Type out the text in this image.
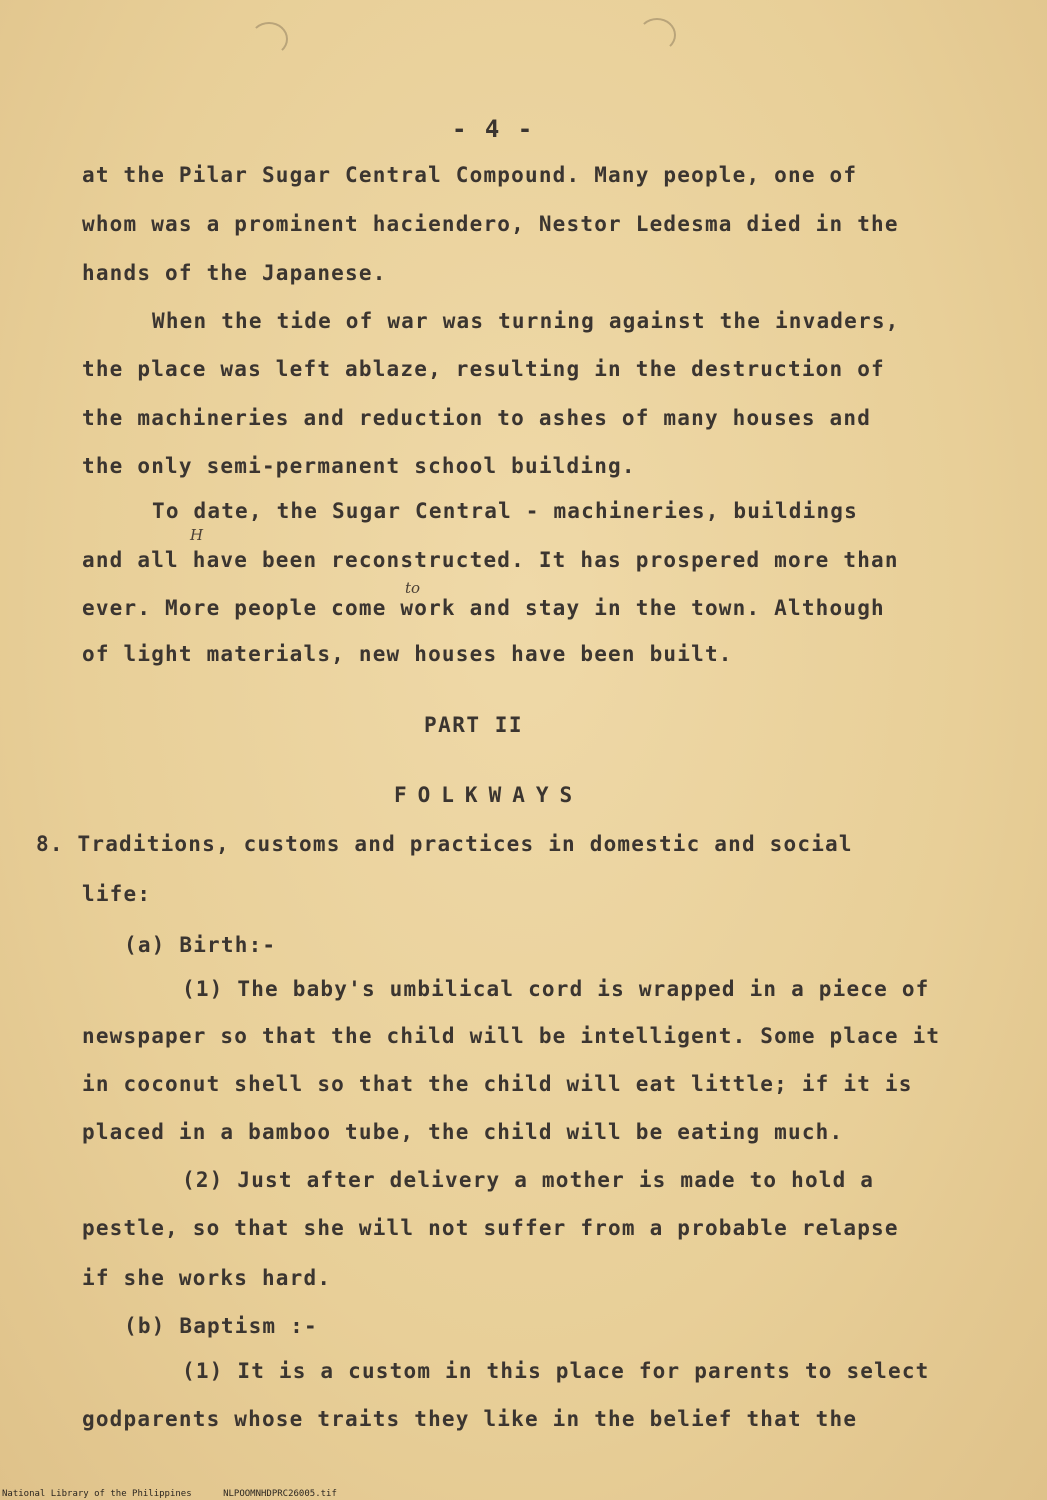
- 4 -
at the Pilar Sugar Central Compound. Many people, one of
whom was a prominent haciendero, Nestor Ledesma died in the
hands of the Japanese.
When the tide of war was turning against the invaders,
the place was left ablaze, resulting in the destruction of
the machineries and reduction to ashes of many houses and
the only semi-permanent school building.
To date, the Sugar Central - machineries, buildings
H
and all have been reconstructed. It has prospered more than
to
ever. More people come work and stay in the town. Although
of light materials, new houses have been built.
PART II
FOLKWAYS
8. Traditions, customs and practices in domestic and social
life:
(a) Birth:-
(1) The baby's umbilical cord is wrapped in a piece of
newspaper so that the child will be intelligent. Some place it
in coconut shell so that the child will eat little; if it is
placed in a bamboo tube, the child will be eating much.
(2) Just after delivery a mother is made to hold a
pestle, so that she will not suffer from a probable relapse
if she works hard.
(b) Baptism :-
(1) It is a custom in this place for parents to select
godparents whose traits they like in the belief that the
National Library of the Philippines	NLPOOMNHDPRC26005.tif
